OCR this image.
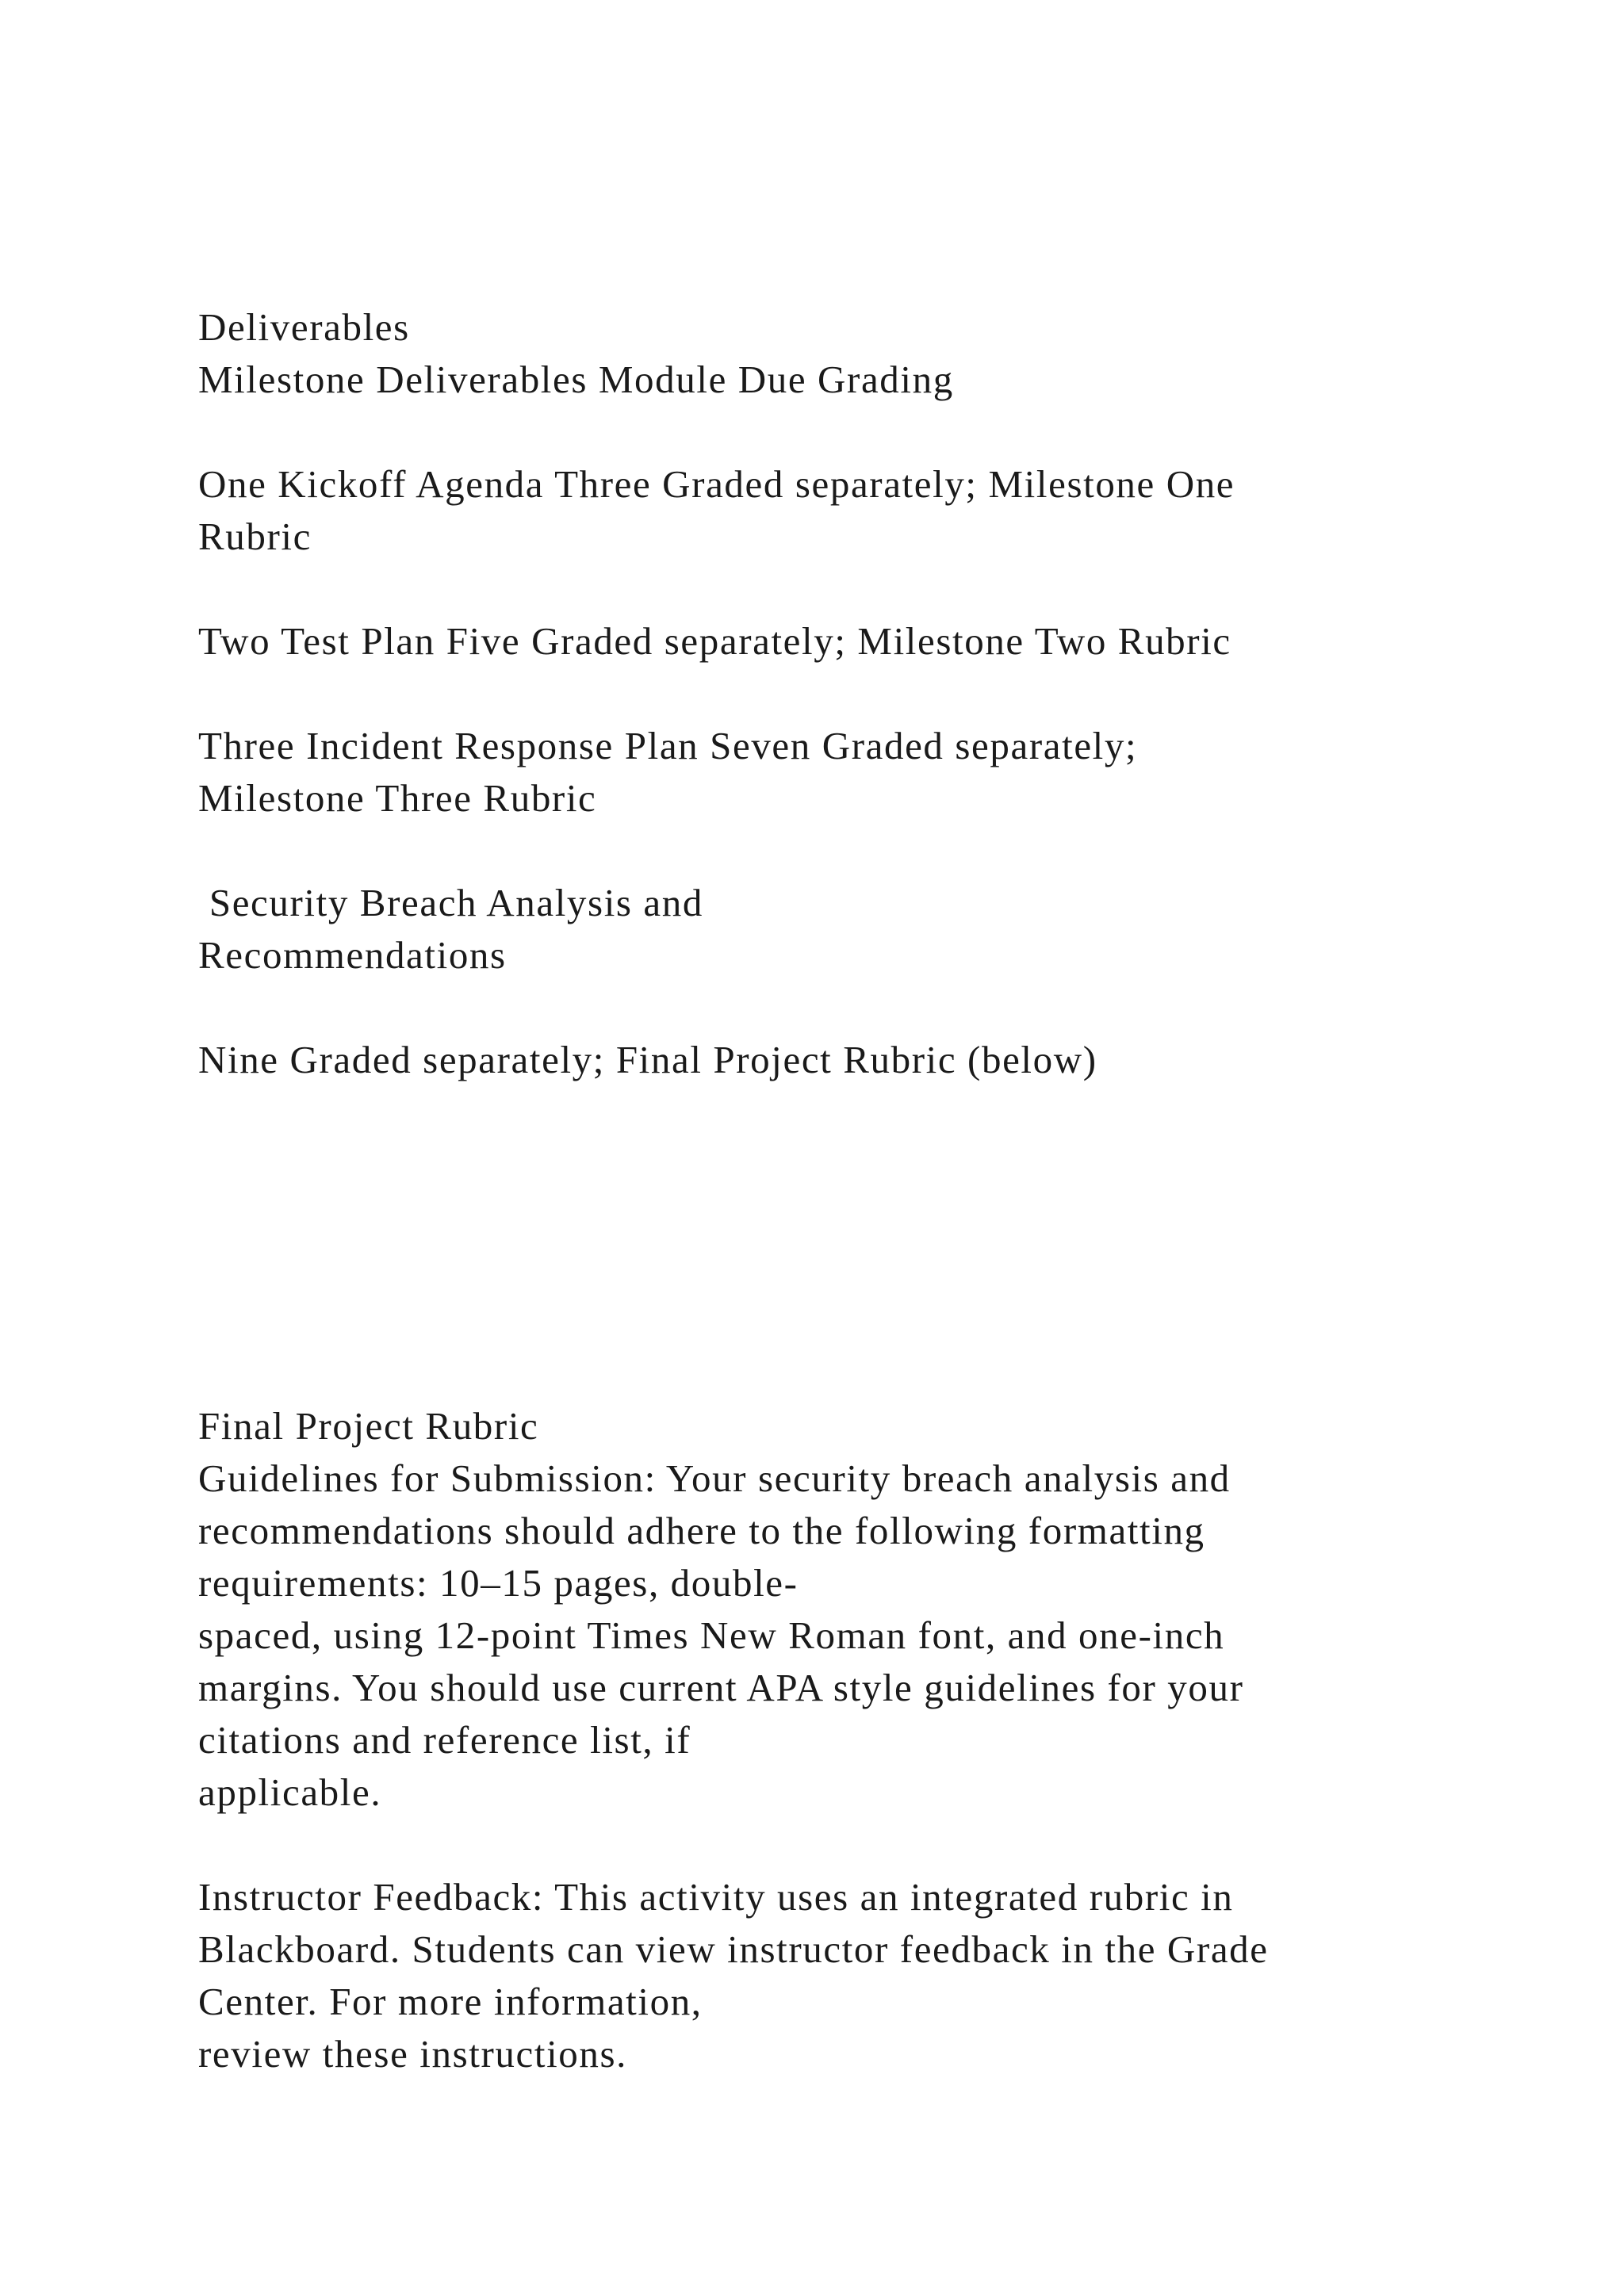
Deliverables

Milestone Deliverables Module Due Grading

One Kickoff Agenda Three Graded separately; Milestone One

Rubric

Two Test Plan Five Graded separately; Milestone Two Rubric

Three Incident Response Plan Seven Graded separately;

Milestone Three Rubric

Security Breach Analysis and

Recommendations

Nine Graded separately; Final Project Rubric (below)

Final Project Rubric

Guidelines for Submission: Your security breach analysis and

recommendations should adhere to the following formatting

requirements: 10–15 pages, double-

spaced, using 12-point Times New Roman font, and one-inch

margins. You should use current APA style guidelines for your

citations and reference list, if

applicable.

Instructor Feedback: This activity uses an integrated rubric in

Blackboard. Students can view instructor feedback in the Grade

Center. For more information,

review these instructions.
